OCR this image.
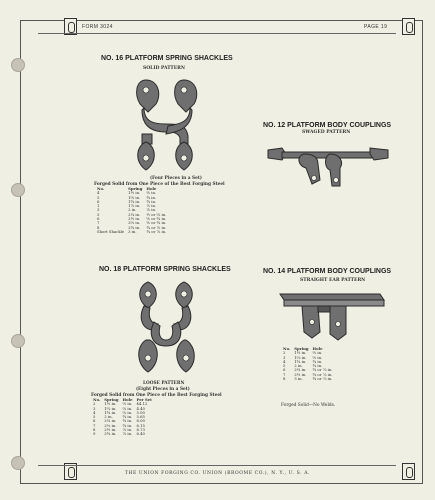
FORM 3024	PAGE 19
NO. 16 PLATFORM SPRING SHACKLES
SOLID PATTERN
(Four Pieces in a Set)
Forged Solid from One Piece of the Best Forging Steel
No.	Spring	Hole
4	1½ in.	⅝ in.
5	1⅝ in.	¾ in.
6	1¾ in.	¾ in.
1	1⅞ in.	⅞ in.
3	2 in.	⅞ in.
5	2¼ in.	½ or ⅝ in.
6	2½ in.	⅝ or ¾ in.
7	2⅝ in.	⅝ or ¾ in.
8	2¾ in.	¾ or ⅞ in.
Short Shackle	3 in.	¾ or ⅞ in.
NO. 12 PLATFORM BODY COUPLINGS
SWAGED PATTERN
NO. 18 PLATFORM SPRING SHACKLES
LOOSE PATTERN
(Eight Pieces in a Set)
Forged Solid from One Piece of the Best Forging Steel
No.	Spring	Hole	Per Set
2	1½ in.	⅝ in.	$4.12
3	1⅝ in.	⅝ in.	4.40
4	1¾ in.	⅝ in.	5.00
5	2 in.	¾ in.	5.65
6	2¼ in.	¾ in.	6.00
7	2⅜ in.	¾ in.	6.15
8	2½ in.	⅞ in.	6.73
9	2¾ in.	⅞ in.	6.40
NO. 14 PLATFORM BODY COUPLINGS
STRAIGHT EAR PATTERN
No.	Spring	Hole
2	1½ in.	⅝ in.
3	1⅝ in.	⅝ in.
4	1¾ in.	¾ in.
5	2 in.	¾ in.
6	2¼ in.	¾ or ⅞ in.
7	2½ in.	¾ or ⅞ in.
8	3 in.	¾ or ⅞ in.
Forged Solid—No Welds.
THE UNION FORGING CO. UNION (BROOME CO.), N. Y., U. S. A.
